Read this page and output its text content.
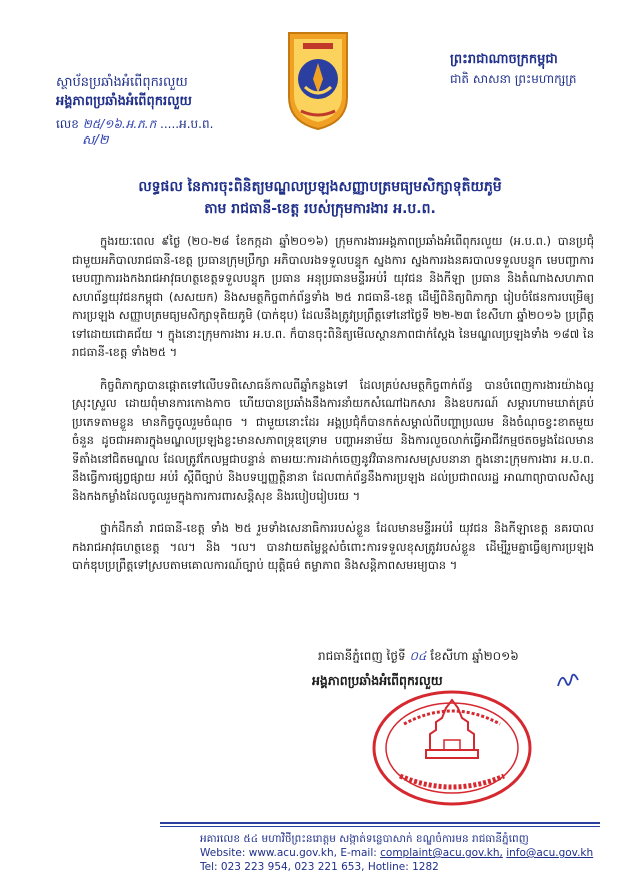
ស្ថាប័នប្រឆាំងអំពើពុករលួយ
អង្គភាពប្រឆាំងអំពើពុករលួយ
លេខ ២៥/១៦.អ.ភ.ក .....អ.ប.ព.
ស/២
ព្រះរាជាណាចក្រកម្ពុជា
ជាតិ សាសនា ព្រះមហាក្សត្រ
លទ្ធផល នៃការចុះពិនិត្យមណ្ឌលប្រឡងសញ្ញាបត្រមធ្យមសិក្សាទុតិយភូមិ
តាម រាជធានី-ខេត្ត របស់ក្រុមការងារ អ.ប.ព.

ក្នុងរយៈពេល ៩ថ្ងៃ (២០-២៨ ខែកក្កដា ឆ្នាំ២០១៦) ក្រុមការងារអង្គភាពប្រឆាំងអំពើពុករលួយ (អ.ប.ព.) បានប្រជុំជាមួយអភិបាលរាជធានី-ខេត្ត ប្រធានក្រុមប្រឹក្សា អភិបាលរងទទួលបន្ទុក ស្នងការ ស្នងការរងនគរបាលទទួលបន្ទុក មេបញ្ជាការមេបញ្ជាការរងកងរាជអាវុធហត្ថខេត្តទទួលបន្ទុក ប្រធាន អនុប្រធានមន្ទីរអប់រំ យុវជន និងកីឡា ប្រធាន និងតំណាងសហភាពសហព័ន្ធយុវជនកម្ពុជា (សសយក) និងសមត្ថកិច្ចពាក់ព័ន្ធទាំង ២៥ រាជធានី-ខេត្ត ដើម្បីពិនិត្យពិភាក្សា រៀបចំផែនការបម្រើឲ្យការប្រឡង សញ្ញាបត្រមធ្យមសិក្សាទុតិយភូមិ (បាក់ឌុប) ដែលនឹងត្រូវប្រព្រឹត្តទៅនៅថ្ងៃទី ២២-២៣ ខែសីហា ឆ្នាំ២០១៦ ប្រព្រឹត្តទៅដោយជោគជ័យ ។ ក្នុងនោះក្រុមការងារ អ.ប.ព. ក៏បានចុះពិនិត្យមើលស្ថានភាពជាក់ស្តែង នៃមណ្ឌលប្រឡងទាំង ១៨៧ នៃរាជធានី-ខេត្ត ទាំង២៥ ។

កិច្ចពិភាក្សាបានផ្តោតទៅលើបទពិសោធន៍កាលពីឆ្នាំកន្លងទៅ ដែលគ្រប់សមត្ថកិច្ចពាក់ព័ន្ធ បានបំពេញការងារយ៉ាងល្អ ស្រុះស្រួល ដោយពុំមានការកោងកាច ហើយបានប្រឆាំងនឹងការនាំយកសំណៅឯកសារ និងឧបករណ៍ សម្ភារហាមឃាត់គ្រប់ប្រភេទតាមខ្លួន មានកិច្ចចូលរួមចំណុច ។ ជាមួយនោះដែរ អង្គប្រជុំក៏បានកត់សម្គាល់ពីបញ្ហាប្រឈម និងចំណុចខ្វះខាតមួយចំនួន ដូចជាអគារក្នុងមណ្ឌលប្រឡងខ្លះមានសភាពទ្រុឌទ្រោម បញ្ហាអនាម័យ និងការលួចលាក់ធ្វើអាជីវកម្មថតចម្លងដែលមានទីតាំងនៅជិតមណ្ឌល ដែលត្រូវកែលម្អជាបន្ទាន់ តាមរយៈការដាក់ចេញនូវវិធានការសមស្របនានា ក្នុងនោះក្រុមការងារ អ.ប.ព. នឹងធ្វើការផ្សព្វផ្សាយ អប់រំ ស្តីពីច្បាប់ និងបទប្បញ្ញត្តិនានា ដែលពាក់ព័ន្ធនឹងការប្រឡង ដល់ប្រជាពលរដ្ឋ អាណាព្យាបាលសិស្ស និងកងកម្លាំងដែលចូលរួមក្នុងការការពារសន្តិសុខ និងរបៀបរៀបរយ ។

ថ្នាក់ដឹកនាំ រាជធានី-ខេត្ត ទាំង ២៥ រួមទាំងសេនាធិការរបស់ខ្លួន ដែលមានមន្ទីរអប់រំ យុវជន និងកីឡាខេត្ត នគរបាល កងរាជអាវុធហត្ថខេត្ត ។ល។ និង ។ល។ បានវាយតម្លៃខ្ពស់ចំពោះការទទួលខុសត្រូវរបស់ខ្លួន ដើម្បីរួមគ្នាធ្វើឲ្យការប្រឡងបាក់ឌុបប្រព្រឹត្តទៅស្របតាមគោលការណ៍ច្បាប់ យុត្តិធម៌ តម្លាភាព និងសន្តិភាពសមរម្យបាន ។

រាជធានីភ្នំពេញ ថ្ងៃទី ០៤ ខែសីហា ឆ្នាំ២០១៦
អង្គភាពប្រឆាំងអំពើពុករលួយ
អគារលេខ ៥៤ មហាវិថីព្រះនរោត្តម សង្កាត់ទន្លេបាសាក់ ខណ្ឌចំការមន រាជធានីភ្នំពេញ
Website: www.acu.gov.kh, E-mail: complaint@acu.gov.kh, info@acu.gov.kh
Tel: 023 223 954, 023 221 653, Hotline: 1282
